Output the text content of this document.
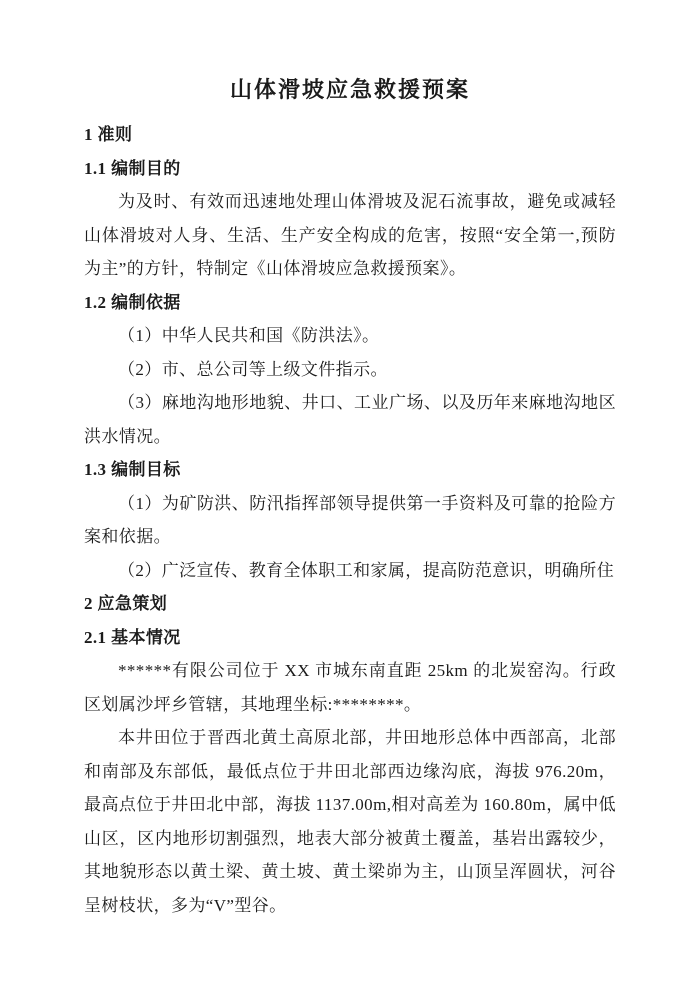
山体滑坡应急救援预案
1 准则
1.1 编制目的

为及时、有效而迅速地处理山体滑坡及泥石流事故，避免或减轻山体滑坡对人身、生活、生产安全构成的危害，按照“安全第一,预防为主”的方针，特制定《山体滑坡应急救援预案》。

1.2 编制依据

（1）中华人民共和国《防洪法》。

（2）市、总公司等上级文件指示。

（3）麻地沟地形地貌、井口、工业广场、以及历年来麻地沟地区洪水情况。

1.3 编制目标

（1）为矿防洪、防汛指挥部领导提供第一手资料及可靠的抢险方案和依据。

（2）广泛宣传、教育全体职工和家属，提高防范意识，明确所住

2 应急策划
2.1 基本情况

******有限公司位于 XX 市城东南直距 25km 的北炭窑沟。行政区划属沙坪乡管辖，其地理坐标:********。

本井田位于晋西北黄土高原北部，井田地形总体中西部高，北部和南部及东部低，最低点位于井田北部西边缘沟底，海拔 976.20m，最高点位于井田北中部，海拔 1137.00m,相对高差为 160.80m，属中低山区，区内地形切割强烈，地表大部分被黄土覆盖，基岩出露较少，其地貌形态以黄土梁、黄土坡、黄土梁峁为主，山顶呈浑圆状，河谷呈树枝状，多为“V”型谷。
